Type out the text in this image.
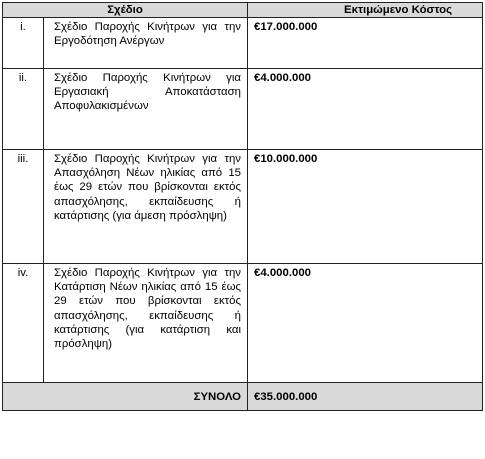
Σχέδιο		Εκτιμώμενο Κόστος
i.	Σχέδιο Παροχής Κινήτρων για την Εργοδότηση Ανέργων	€17.000.000
ii.	Σχέδιο Παροχής Κινήτρων για Εργασιακή Αποκατάσταση Αποφυλακισμένων	€4.000.000
iii.	Σχέδιο Παροχής Κινήτρων για την Απασχόληση Νέων ηλικίας από 15 έως 29 ετών που βρίσκονται εκτός απασχόλησης, εκπαίδευσης ή κατάρτισης (για άμεση πρόσληψη)	€10.000.000
iv.	Σχέδιο Παροχής Κινήτρων για την Κατάρτιση Νέων ηλικίας από 15 έως 29 ετών που βρίσκονται εκτός απασχόλησης, εκπαίδευσης ή κατάρτισης (για κατάρτιση και πρόσληψη)	€4.000.000
ΣΥΝΟΛΟ		€35.000.000
